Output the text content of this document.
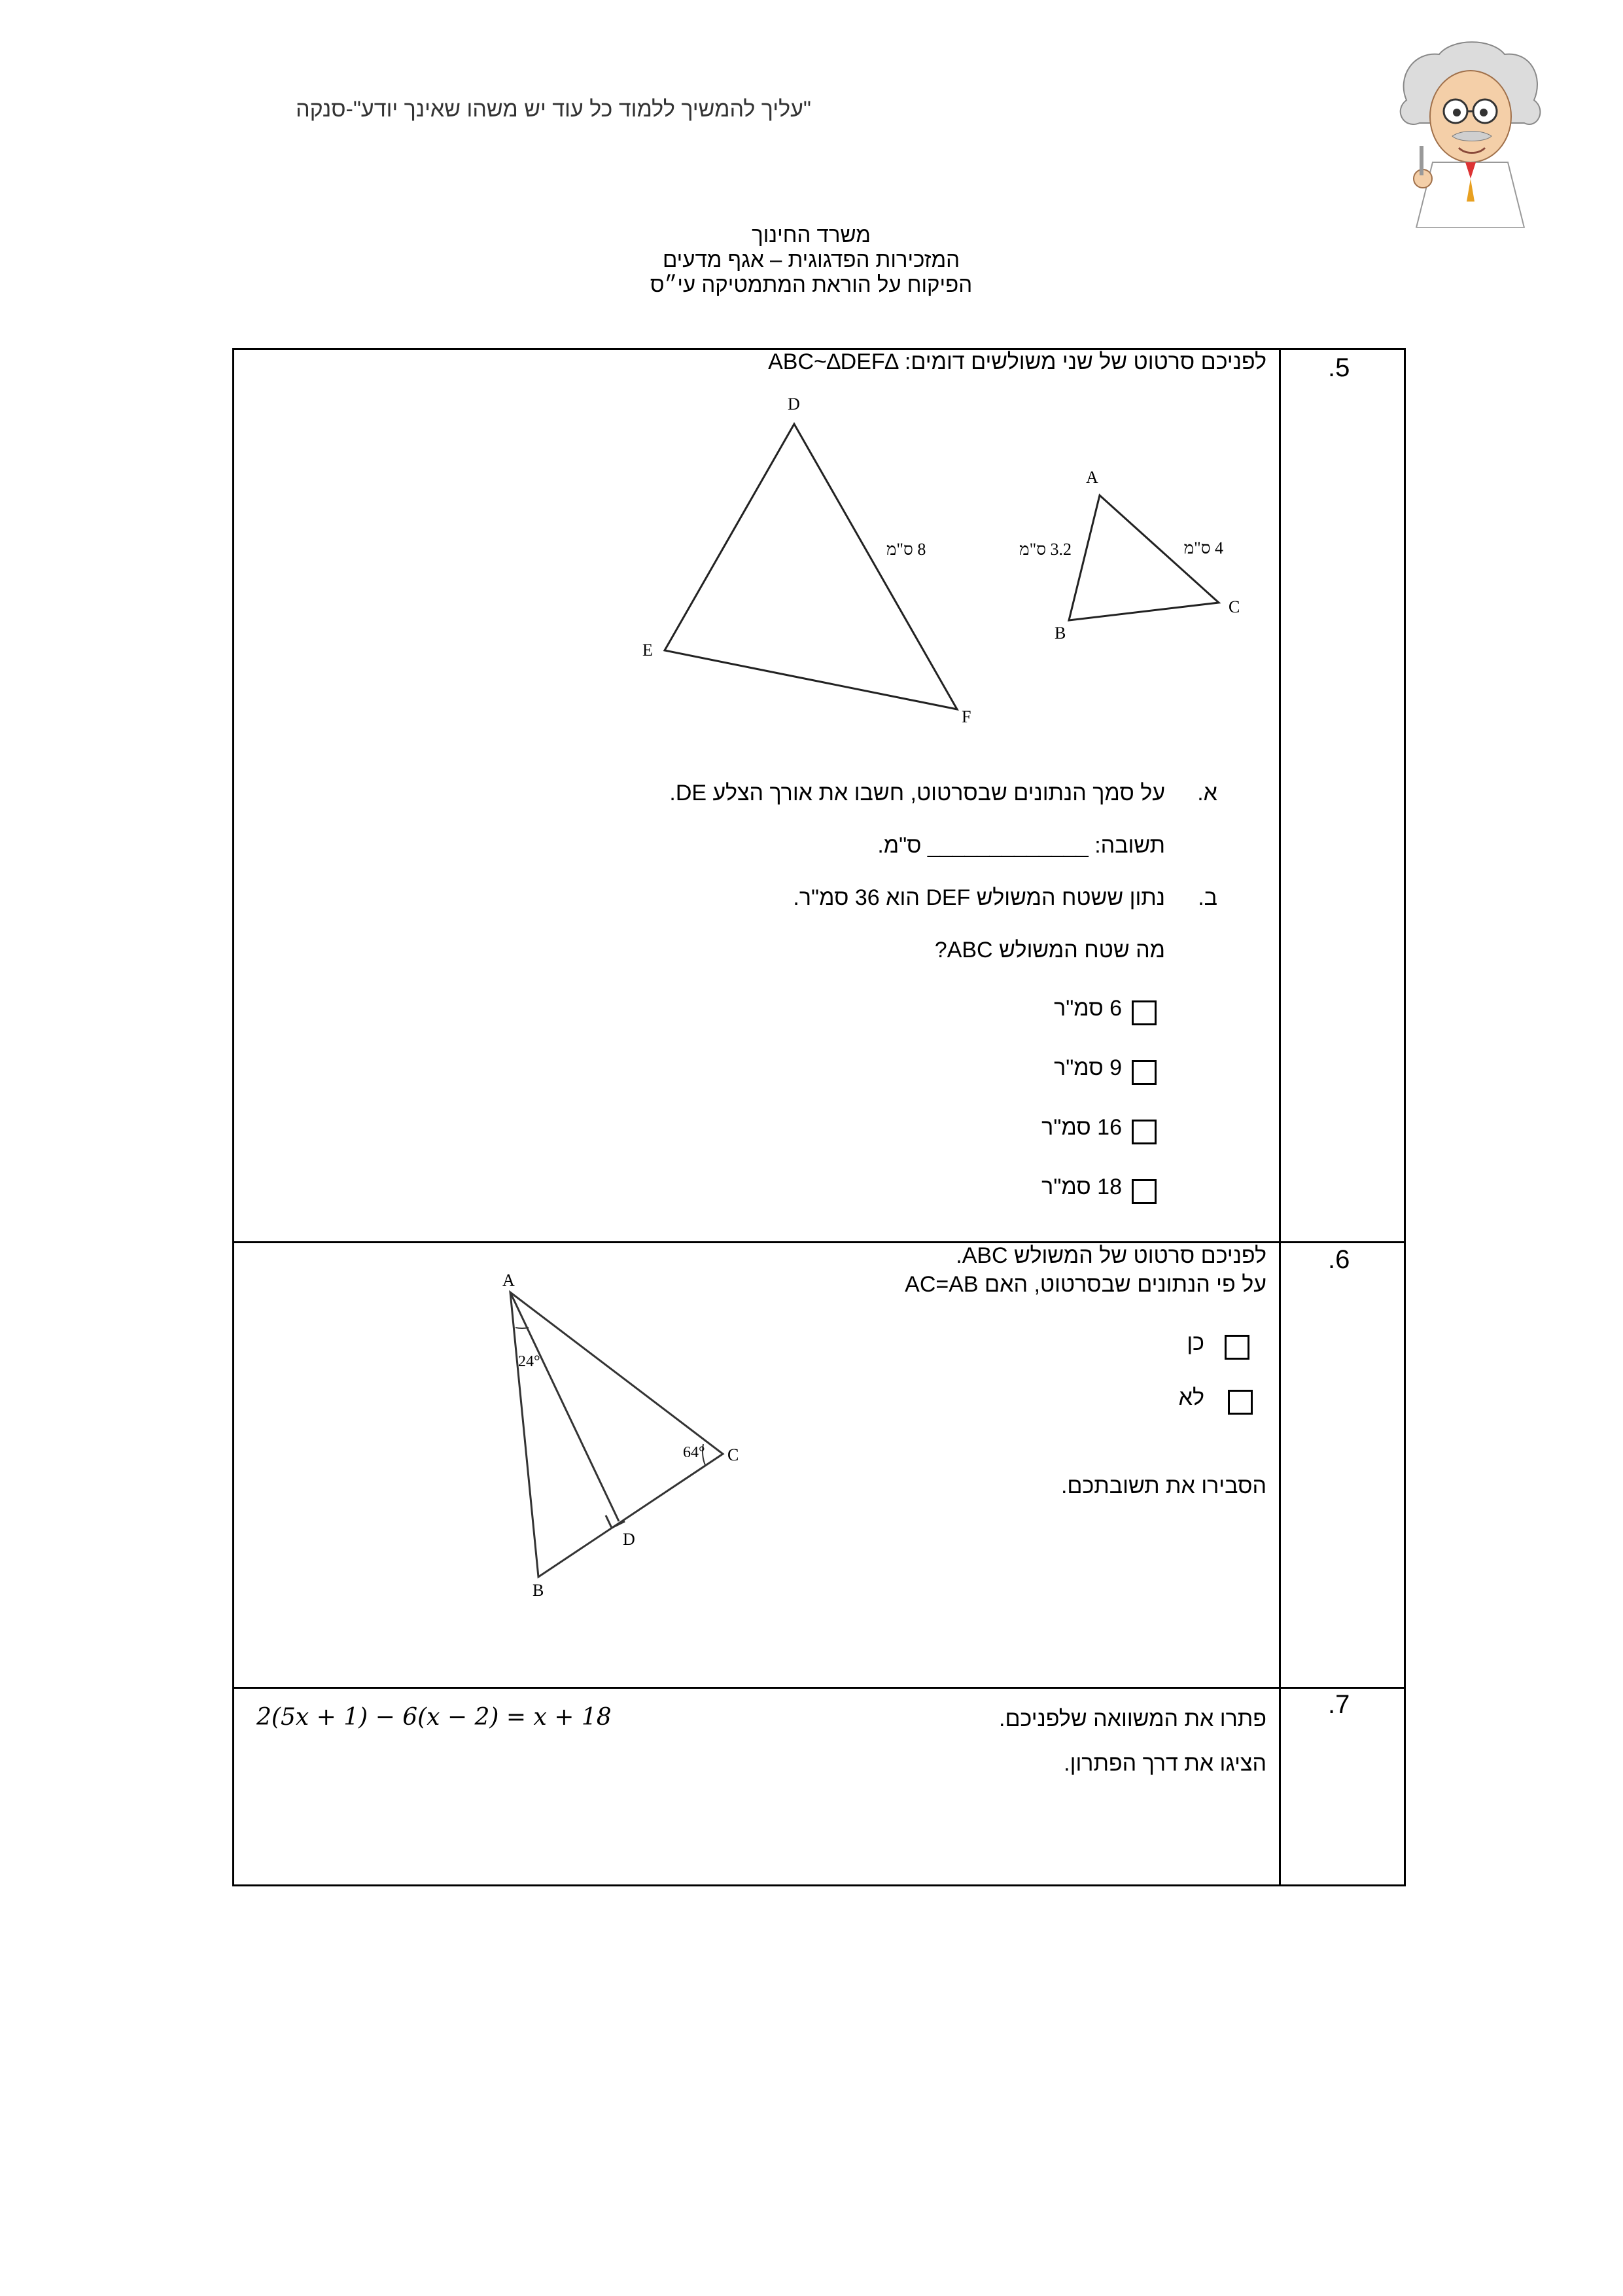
"עליך להמשיך ללמוד כל עוד יש משהו שאינך יודע"-סנקה
משרד החינוך
המזכירות הפדגוגית – אגף מדעים
הפיקוח על הוראת המתמטיקה עי״ס
.5
לפניכם סרטוט של שני משולשים דומים: ∆ABC~∆DEF
D
E
F
8 ס"מ
A
B
C
3.2 ס"מ	4 ס"מ
א.
על סמך הנתונים שבסרטוט, חשבו את אורך הצלע DE.
תשובה: _____________ ס"מ.
ב.
נתון ששטח המשולש DEF הוא 36 סמ"ר.
מה שטח המשולש ABC?
6 סמ"ר
9 סמ"ר
16 סמ"ר
18 סמ"ר
.6
לפניכם סרטוט של המשולש ABC.
על פי הנתונים שבסרטוט, האם AC=AB
כן
לא
הסבירו את תשובתכם.
A
B
C
D
24°
64°
.7
פתרו את המשוואה שלפניכם.
הציגו את דרך הפתרון.
2(5x + 1) − 6(x − 2) = x + 18
